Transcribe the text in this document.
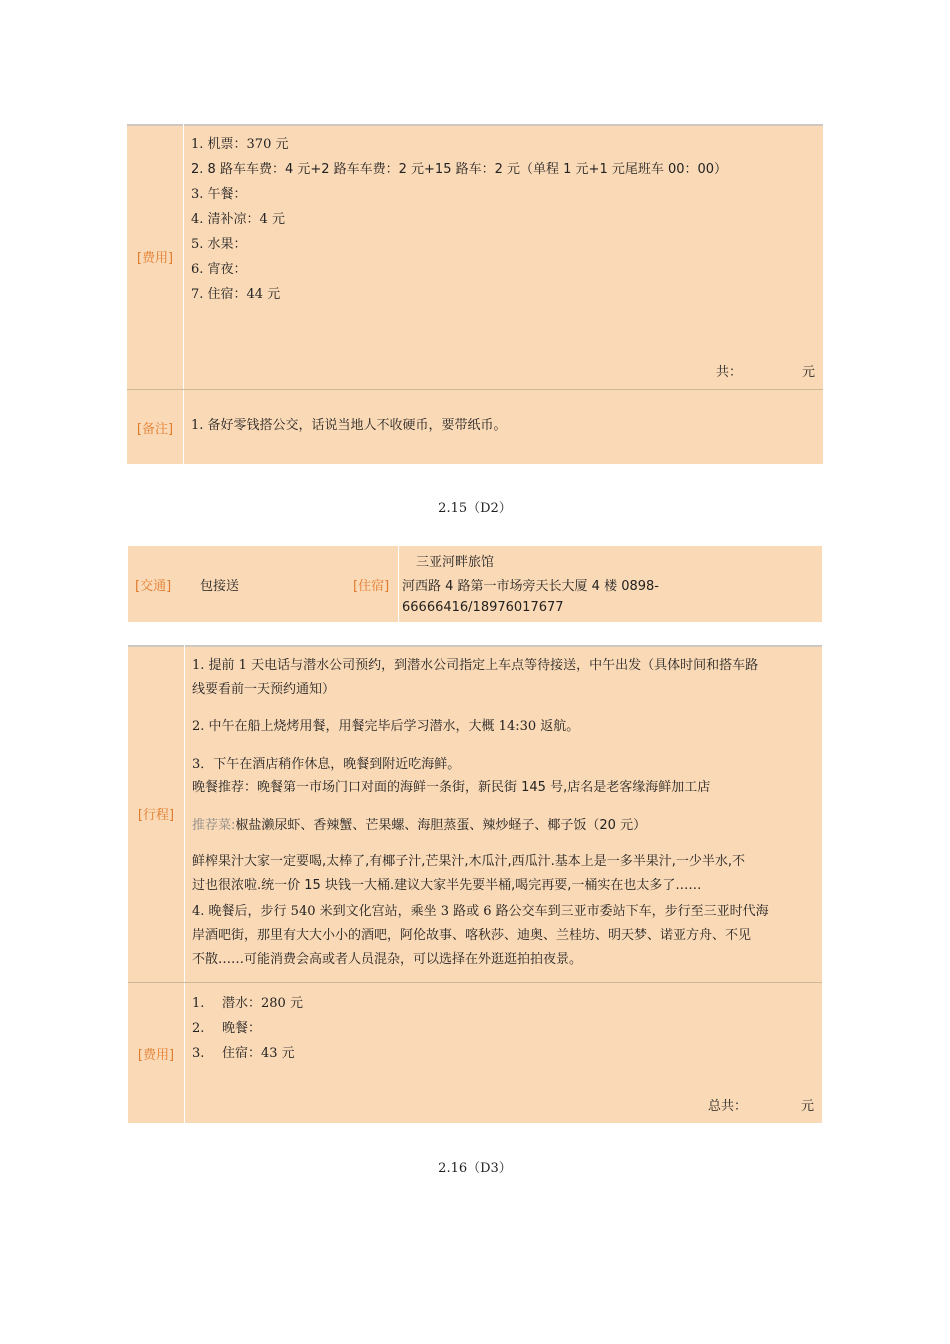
[费用]
1. 机票：370 元
2. 8 路车车费：4 元+2 路车车费：2 元+15 路车：2 元（单程 1 元+1 元尾班车 00：00）
3. 午餐：
4. 清补凉：4 元
5. 水果：
6. 宵夜：
7. 住宿：44 元
共：	元
[备注] 1. 备好零钱搭公交，话说当地人不收硬币，要带纸币。
2.15（D2）
[交通] 包接送	[住宿]
三亚河畔旅馆
河西路 4 路第一市场旁天长大厦 4 楼 0898-
66666416/18976017677
[行程]
1. 提前 1 天电话与潜水公司预约，到潜水公司指定上车点等待接送，中午出发（具体时间和搭车路
线要看前一天预约通知）
2. 中午在船上烧烤用餐，用餐完毕后学习潜水，大概 14:30 返航。
3．下午在酒店稍作休息，晚餐到附近吃海鲜。
晚餐推荐：晚餐第一市场门口对面的海鲜一条街，新民街 145 号,店名是老客缘海鲜加工店
推荐菜:椒盐濑尿虾、香辣蟹、芒果螺、海胆蒸蛋、辣炒蛏子、椰子饭（20 元）
鲜榨果汁大家一定要喝,太棒了,有椰子汁,芒果汁,木瓜汁,西瓜汁.基本上是一多半果汁,一少半水,不
过也很浓啦.统一价 15 块钱一大桶.建议大家半先要半桶,喝完再要,一桶实在也太多了……
4. 晚餐后，步行 540 米到文化宫站，乘坐 3 路或 6 路公交车到三亚市委站下车，步行至三亚时代海
岸酒吧街，那里有大大小小的酒吧，阿伦故事、喀秋莎、迪奥、兰桂坊、明天梦、诺亚方舟、不见
不散……可能消费会高或者人员混杂，可以选择在外逛逛拍拍夜景。
[费用]
1. 潜水：280 元
2. 晚餐：
3. 住宿：43 元
总共：	元
2.16（D3）
